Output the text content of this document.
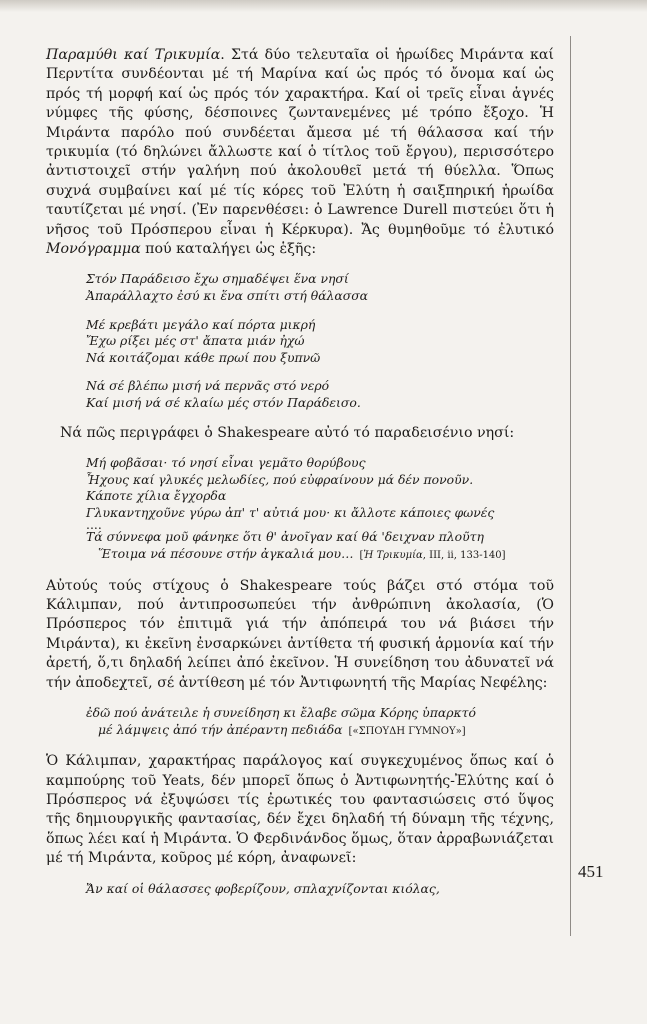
Παραμύθι καί Τρικυμία. Στά δύο τελευταῖα οἱ ἡρωίδες Μιράντα καί Περντίτα συνδέονται μέ τή Μαρίνα καί ὡς πρός τό ὄνομα καί ὡς πρός τή μορφή καί ὡς πρός τόν χαρακτήρα. Καί οἱ τρεῖς εἶναι ἁγνές νύμφες τῆς φύσης, δέσποινες ζωντανεμένες μέ τρόπο ἔξοχο. Ἡ Μιράντα παρόλο πού συνδέεται ἄμεσα μέ τή θάλασσα καί τήν τρικυμία (τό δηλώνει ἄλλωστε καί ὁ τίτλος τοῦ ἔργου), περισσότερο ἀντιστοιχεῖ στήν γαλήνη πού ἀκολουθεῖ μετά τή θύελλα. Ὅπως συχνά συμβαίνει καί μέ τίς κόρες τοῦ Ἐλύτη ἡ σαιξπηρική ἡρωίδα ταυτίζεται μέ νησί. (Ἐν παρενθέσει: ὁ Lawrence Durell πιστεύει ὅτι ἡ νῆσος τοῦ Πρόσπερου εἶναι ἡ Κέρκυρα). Ἄς θυμηθοῦμε τό ἐλυτικό Μονόγραμμα πού καταλήγει ὡς ἑξῆς:

Στόν Παράδεισο ἔχω σημαδέψει ἕνα νησί
Ἀπαράλλαχτο ἐσύ κι ἕνα σπίτι στή θάλασσα
Μέ κρεβάτι μεγάλο καί πόρτα μικρή
Ἔχω ρίξει μές στ' ἄπατα μιάν ἠχώ
Νά κοιτάζομαι κάθε πρωί που ξυπνῶ
Νά σέ βλέπω μισή νά περνᾶς στό νερό
Καί μισή νά σέ κλαίω μές στόν Παράδεισο.

Νά πῶς περιγράφει ὁ Shakespeare αὐτό τό παραδεισένιο νησί:

Μή φοβᾶσαι· τό νησί εἶναι γεμᾶτο θορύβους
Ἦχους καί γλυκές μελωδίες, πού εὐφραίνουν μά δέν πονοῦν.
Κάποτε χίλια ἔγχορδα
Γλυκαντηχοῦνε γύρω ἀπ' τ' αὐτιά μου· κι ἄλλοτε κάποιες φωνές
....
Τά σύννεφα μοῦ φάνηκε ὅτι θ' ἀνοῖγαν καί θά 'δειχναν πλοῦτη
Ἕτοιμα νά πέσουνε στήν ἀγκαλιά μου… [Ἡ Τρικυμία, III, ii, 133-140]

Αὐτούς τούς στίχους ὁ Shakespeare τούς βάζει στό στόμα τοῦ Κάλιμπαν, πού ἀντιπροσωπεύει τήν ἀνθρώπινη ἀκολασία, (Ὁ Πρόσπερος τόν ἐπιτιμᾶ γιά τήν ἀπόπειρά του νά βιάσει τήν Μιράντα), κι ἐκεῖνη ἐνσαρκώνει ἀντίθετα τή φυσική ἁρμονία καί τήν ἀρετή, ὅ,τι δηλαδή λείπει ἀπό ἐκεῖνον. Ἡ συνείδηση του ἀδυνατεῖ νά τήν ἀποδεχτεῖ, σέ ἀντίθεση μέ τόν Ἀντιφωνητή τῆς Μαρίας Νεφέλης:

ἐδῶ πού ἀνάτειλε ἡ συνείδηση κι ἔλαβε σῶμα Κόρης ὑπαρκτό
μέ λάμψεις ἀπό τήν ἀπέραντη πεδιάδα [«ΣΠΟΥΔΗ ΓΥΜΝΟΥ»]

Ὁ Κάλιμπαν, χαρακτήρας παράλογος καί συγκεχυμένος ὅπως καί ὁ καμπούρης τοῦ Yeats, δέν μπορεῖ ὅπως ὁ Ἀντιφωνητής-Ἐλύτης καί ὁ Πρόσπερος νά ἐξυψώσει τίς ἐρωτικές του φαντασιώσεις στό ὕψος τῆς δημιουργικῆς φαντασίας, δέν ἔχει δηλαδή τή δύναμη τῆς τέχνης, ὅπως λέει καί ἡ Μιράντα. Ὁ Φερδινάνδος ὅμως, ὅταν ἀρραβωνιάζεται μέ τή Μιράντα, κοῦρος μέ κόρη, ἀναφωνεῖ:

Ἄν καί οἱ θάλασσες φοβερίζουν, σπλαχνίζονται κιόλας,
451
